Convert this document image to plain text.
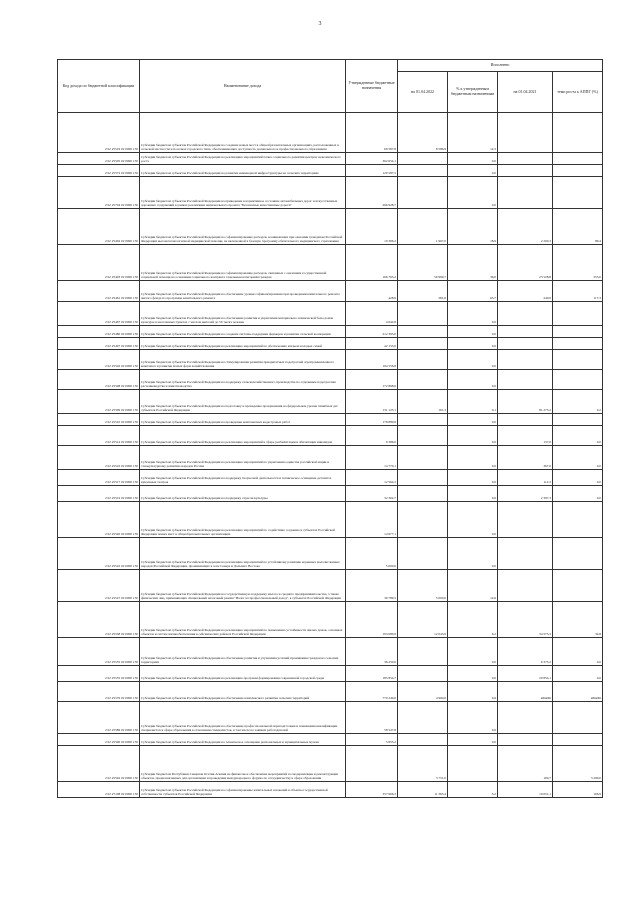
3
Код дохода по бюджетной классификации	Наименование дохода	Утвержденные бюджетные назначения	Исполнено			
			на 01.04.2022	% к утвержденным бюджетным назначениям	на 01.04.2021	темп роста к АППГ (%)
2 02 25519 02 0000 150	Субсидии бюджетам субъектов Российской Федерации на создание новых мест в общеобразовательных организациях, расположенных в сельской местности и поселках городского типа, обеспечивающих доступность дошкольного и профессионального образования	69 587,8	8 586,9	12,3		
2 02 25505 02 0000 150	Субсидии бюджетам субъектов Российской Федерации на реализацию мероприятий плана социального развития центров экономического роста	362 654,1		0,0		
2 02 25572 02 0000 150	Субсидии бюджетам субъектов Российской Федерации на развитие инженерной инфраструктуры на сельских территориях	120 587,5		0,0		
2 02 25704 02 0000 150	Субсидии бюджетам субъектов Российской Федерации на приведение в нормативное состояние автомобильных дорог и искусственных дорожных сооружений в рамках реализации национального проекта "Безопасные качественные дороги"	266 928,7		0,0		
2 02 25402 02 0000 150	Субсидии бюджетам субъектов Российской Федерации на софинансирование расходов, возникающих при оказании гражданам Российской Федерации высокотехнологичной медицинской помощи, не включенной в базовую программу обязательного медицинского страхования	10 396,2	1 967,0	18,9	2 200,3	89,4
2 02 25403 02 0000 150	Субсидии бюджетам субъектов Российской Федерации на софинансирование расходов, связанных с оказанием государственной социальной помощи на основании социального контракта отдельным категориям граждан	166 763,2	59 999,7	36,0	23 528,8	255,0
2 02 25461 02 0000 150	Субсидии бюджетам субъектов Российской Федерации на обеспечение уровня софинансирования при проведении капитального ремонта жилого фонда по программе капитального ремонта	428,9	281,6	65,7	240,0	117,3
2 02 25467 02 0000 150	Субсидии бюджетам субъектов Российской Федерации на обеспечение развития и укрепления материально-технической базы домов культуры в населенных пунктах с числом жителей до 50 тысяч человек	4 642,8		0,0		
2 02 25480 02 0000 150	Субсидии бюджетам субъектов Российской Федерации на создание системы поддержки фермеров и развитие сельской кооперации	212 393,0		0,0		
2 02 25497 02 0000 150	Субсидии бюджетам субъектов Российской Федерации на реализацию мероприятий по обеспечению жильем молодых семей	42 133,0		0,0		
2 02 25502 02 0000 150	Субсидии бюджетам субъектов Российской Федерации на стимулирование развития приоритетных подотраслей агропромышленного комплекса и развитие малых форм хозяйствования	194 556,8		0,0		
2 02 25508 02 0000 150	Субсидии бюджетам субъектов Российской Федерации на поддержку сельскохозяйственного производства по отдельным подотраслям растениеводства и животноводства	172 898,6		0,0		
2 02 25509 02 0000 150	Субсидии бюджетам субъектов Российской Федерации на подготовку и проведение празднования на федеральном уровне памятных дат субъектов Российской Федерации	131 125,1	161,3	0,1	81 275,2	0,2
2 02 25510 02 0000 150	Субсидии бюджетам субъектов Российской Федерации на проведение комплексных кадастровых работ	179 889,8		0,0		
2 02 25514 02 0000 150	Субсидии бюджетам субъектов Российской Федерации на реализацию мероприятий в сфере реабилитации и абилитации инвалидов	9 386,0		0,0	137,6	0,0
2 02 25516 02 0000 150	Субсидии бюджетам субъектов Российской Федерации на реализацию мероприятий по укреплению единства российской нации и этнокультурному развитию народов России	14 770,1		0,0	367,0	0,0
2 02 25517 02 0000 150	Субсидии бюджетам субъектов Российской Федерации на поддержку творческой деятельности и техническое оснащение детских и кукольных театров	12 564,3		0,0	112,3	0,0
2 02 25519 02 0000 150	Субсидии бюджетам субъектов Российской Федерации на поддержку отрасли культуры	32 302,7		0,0	2 397,3	0,0
2 02 25520 02 0000 150	Субсидии бюджетам субъектов Российской Федерации на реализацию мероприятий по содействию созданию в субъектах Российской Федерации новых мест в общеобразовательных организациях	14 677,1		0,0		
2 02 25522 02 0000 150	Субсидии бюджетам субъектов Российской Федерации на реализацию мероприятий по устойчивому развитию коренных малочисленных народов Российской Федерации, проживающих в зоне Севера и Дальнего Востока	5 000,0		0,0		
2 02 25527 02 0000 150	Субсидии бюджетам субъектов Российской Федерации на государственную поддержку малого и среднего предпринимательства, а также физических лиц, применяющих специальный налоговый режим "Налог на профессиональный доход", в субъектах Российской Федерации	39 789,5	5 000,0	12,6		
2 02 25538 02 0000 150	Субсидии бюджетам субъектов Российской Федерации на реализацию мероприятий по повышению устойчивости жилых домов, основных объектов и систем жизнеобеспечения в сейсмических районах Российской Федерации	193 080,9	12 043,9	6,2	34 575,3	34,8
2 02 25555 02 0000 150	Субсидии бюджетам субъектов Российской Федерации на обеспечение развития и улучшения условий проживания граждан на сельских территориях	36 230,0		0,0	6 375,2	0,0
2 02 25555 02 0000 150	Субсидии бюджетам субъектов Российской Федерации на реализацию программ формирования современной городской среды	185 854,7		0,0	20 854,1	0,0
2 02 25576 02 0000 150	Субсидии бюджетам субъектов Российской Федерации на обеспечение комплексного развития сельских территорий	770 249,0	4 960,0	0,6	######	######
2 02 25586 02 0000 150	Субсидии бюджетам субъектов Российской Федерации на обеспечение профессиональной переподготовки и повышения квалификации специалистов в сфере образования в отношении специалистов, в том числе по заявкам работодателей	58 547,8		0,0		
2 02 25590 02 0000 150	Субсидии бюджетам субъектов Российской Федерации на техническое оснащение региональных и муниципальных музеев	5 855,2		0,0		
2 02 25592 02 0000 150	Субсидии бюджетам Республики Северная Осетия-Алания на финансовое обеспечение мероприятий по модернизации и реконструкции объектов, предназначенных для организации и проведения международного форума по сотрудничеству в сфере образования		3 751,0		109,7	3 299,0
2 02 27108 02 0000 150	Субсидии бюджетам субъектов Российской Федерации на софинансирование капитальных вложений в объекты государственной собственности субъектов Российской Федерации	357 906,3	11 363,4	3,2	10 631,1	106,9
